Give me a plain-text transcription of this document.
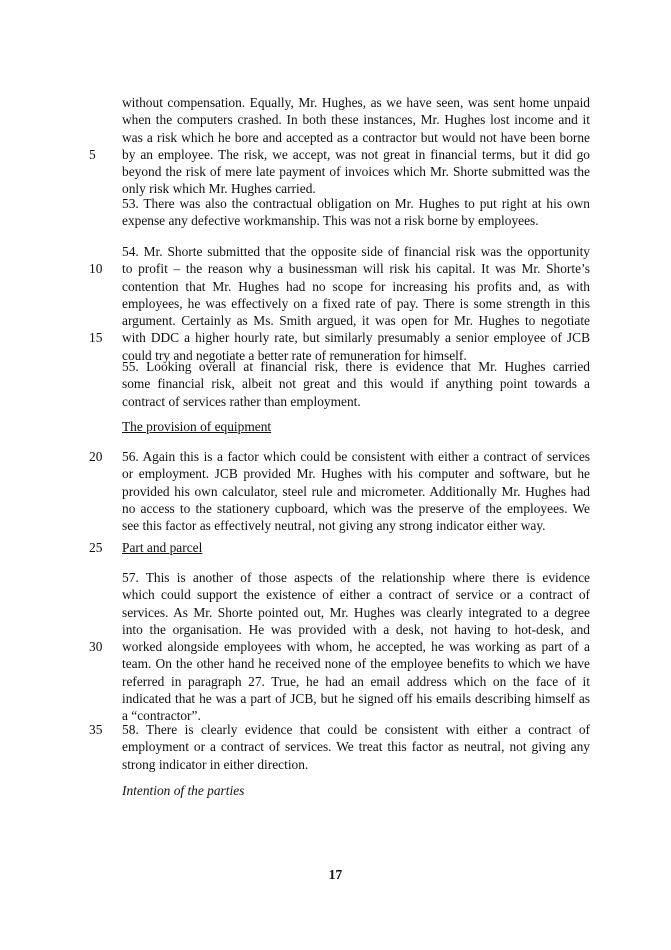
without compensation. Equally, Mr. Hughes, as we have seen, was sent home unpaid
when the computers crashed. In both these instances, Mr. Hughes lost income and it
was a risk which he bore and accepted as a contractor but would not have been borne
by an employee. The risk, we accept, was not great in financial terms, but it did go
beyond the risk of mere late payment of invoices which Mr. Shorte submitted was the
only risk which Mr. Hughes carried.
53. There was also the contractual obligation on Mr. Hughes to put right at his own
expense any defective workmanship. This was not a risk borne by employees.
54. Mr. Shorte submitted that the opposite side of financial risk was the opportunity
to profit – the reason why a businessman will risk his capital. It was Mr. Shorte’s
contention that Mr. Hughes had no scope for increasing his profits and, as with
employees, he was effectively on a fixed rate of pay. There is some strength in this
argument. Certainly as Ms. Smith argued, it was open for Mr. Hughes to negotiate
with DDC a higher hourly rate, but similarly presumably a senior employee of JCB
could try and negotiate a better rate of remuneration for himself.
55. Looking overall at financial risk, there is evidence that Mr. Hughes carried
some financial risk, albeit not great and this would if anything point towards a
contract of services rather than employment.
The provision of equipment
56. Again this is a factor which could be consistent with either a contract of services
or employment. JCB provided Mr. Hughes with his computer and software, but he
provided his own calculator, steel rule and micrometer. Additionally Mr. Hughes had
no access to the stationery cupboard, which was the preserve of the employees. We
see this factor as effectively neutral, not giving any strong indicator either way.
Part and parcel
57. This is another of those aspects of the relationship where there is evidence
which could support the existence of either a contract of service or a contract of
services. As Mr. Shorte pointed out, Mr. Hughes was clearly integrated to a degree
into the organisation. He was provided with a desk, not having to hot-desk, and
worked alongside employees with whom, he accepted, he was working as part of a
team. On the other hand he received none of the employee benefits to which we have
referred in paragraph 27. True, he had an email address which on the face of it
indicated that he was a part of JCB, but he signed off his emails describing himself as
a “contractor”.
58. There is clearly evidence that could be consistent with either a contract of
employment or a contract of services. We treat this factor as neutral, not giving any
strong indicator in either direction.
Intention of the parties
5
10
15
20
25
30
35
17
